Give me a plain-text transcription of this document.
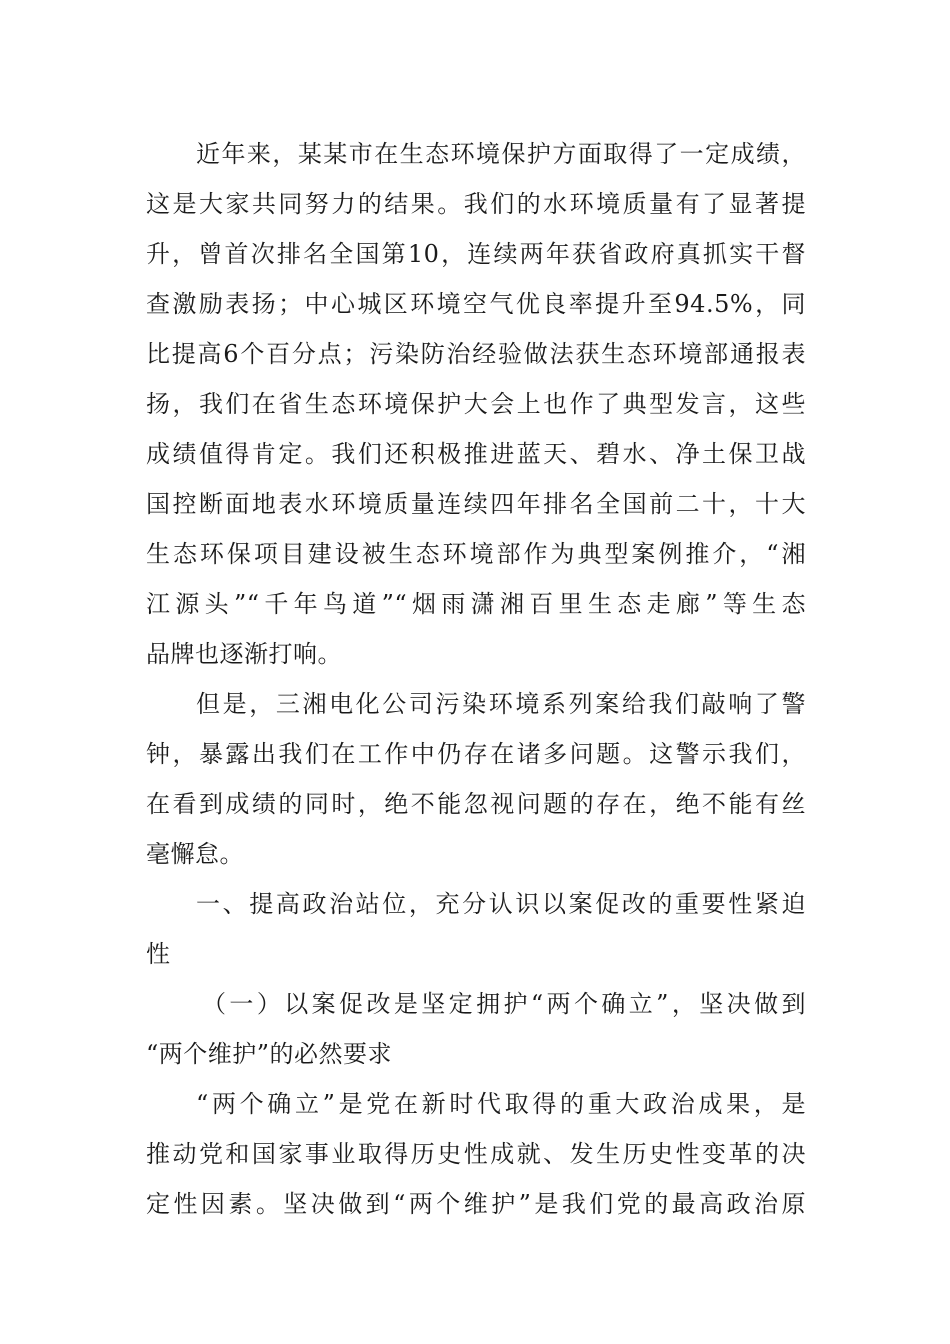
近年来，某某市在生态环境保护方面取得了一定成绩，
这是大家共同努力的结果。我们的水环境质量有了显著提
升，曾首次排名全国第10，连续两年获省政府真抓实干督
查激励表扬；中心城区环境空气优良率提升至94.5%，同
比提高6个百分点；污染防治经验做法获生态环境部通报表
扬，我们在省生态环境保护大会上也作了典型发言，这些
成绩值得肯定。我们还积极推进蓝天、碧水、净土保卫战
国控断面地表水环境质量连续四年排名全国前二十，十大
生态环保项目建设被生态环境部作为典型案例推介，“湘
江源头”“千年鸟道”“烟雨潇湘百里生态走廊”等生态
品牌也逐渐打响。
但是，三湘电化公司污染环境系列案给我们敲响了警
钟，暴露出我们在工作中仍存在诸多问题。这警示我们，
在看到成绩的同时，绝不能忽视问题的存在，绝不能有丝
毫懈怠。
一、提高政治站位，充分认识以案促改的重要性紧迫
性
（一）以案促改是坚定拥护“两个确立”，坚决做到
“两个维护”的必然要求
“两个确立”是党在新时代取得的重大政治成果，是
推动党和国家事业取得历史性成就、发生历史性变革的决
定性因素。坚决做到“两个维护”是我们党的最高政治原
